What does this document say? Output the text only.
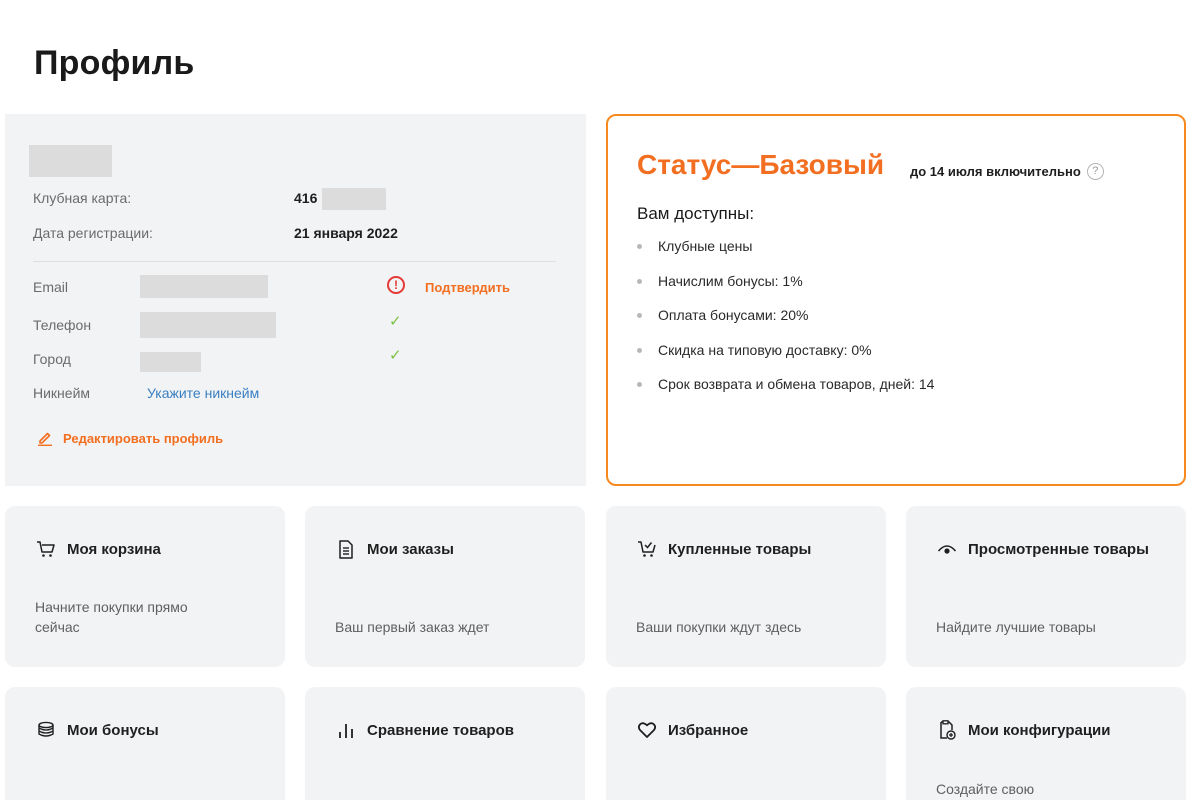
Профиль
Клубная карта:	416
Дата регистрации:	21 января 2022
Email	!	Подтвердить
Телефон	✓
Город	✓
Никнейм	Укажите никнейм
Редактировать профиль
Статус—Базовый до 14 июля включительно	?
Вам доступны:
Клубные цены
Начислим бонусы: 1%
Оплата бонусами: 20%
Скидка на типовую доставку: 0%
Срок возврата и обмена товаров, дней: 14
Моя корзина
Начните покупки прямо сейчас
Мои заказы
Ваш первый заказ ждет
Купленные товары
Ваши покупки ждут здесь
Просмотренные товары
Найдите лучшие товары
Мои бонусы	Сравнение товаров	Избранное	Мои конфигурации
Создайте свою
